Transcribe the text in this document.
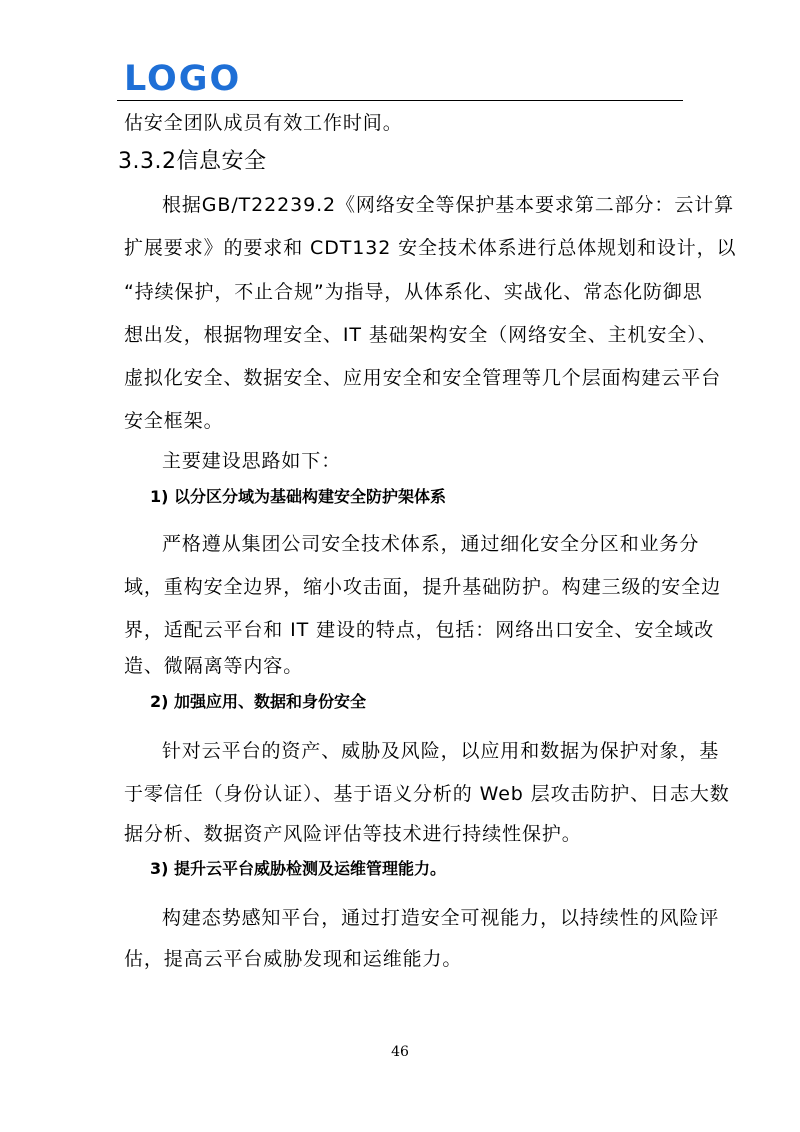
LOGO
估安全团队成员有效工作时间。
3.3.2信息安全
根据GB/T22239.2《网络安全等保护基本要求第二部分：云计算
扩展要求》的要求和 CDT132 安全技术体系进行总体规划和设计，以
“持续保护，不止合规”为指导，从体系化、实战化、常态化防御思
想出发，根据物理安全、IT 基础架构安全（网络安全、主机安全）、
虚拟化安全、数据安全、应用安全和安全管理等几个层面构建云平台
安全框架。
主要建设思路如下：
1) 以分区分域为基础构建安全防护架体系
严格遵从集团公司安全技术体系，通过细化安全分区和业务分
域，重构安全边界，缩小攻击面，提升基础防护。构建三级的安全边
界，适配云平台和 IT 建设的特点，包括：网络出口安全、安全域改
造、微隔离等内容。
2) 加强应用、数据和身份安全
针对云平台的资产、威胁及风险，以应用和数据为保护对象，基
于零信任（身份认证）、基于语义分析的 Web 层攻击防护、日志大数
据分析、数据资产风险评估等技术进行持续性保护。
3) 提升云平台威胁检测及运维管理能力。
构建态势感知平台，通过打造安全可视能力，以持续性的风险评
估，提高云平台威胁发现和运维能力。
46
